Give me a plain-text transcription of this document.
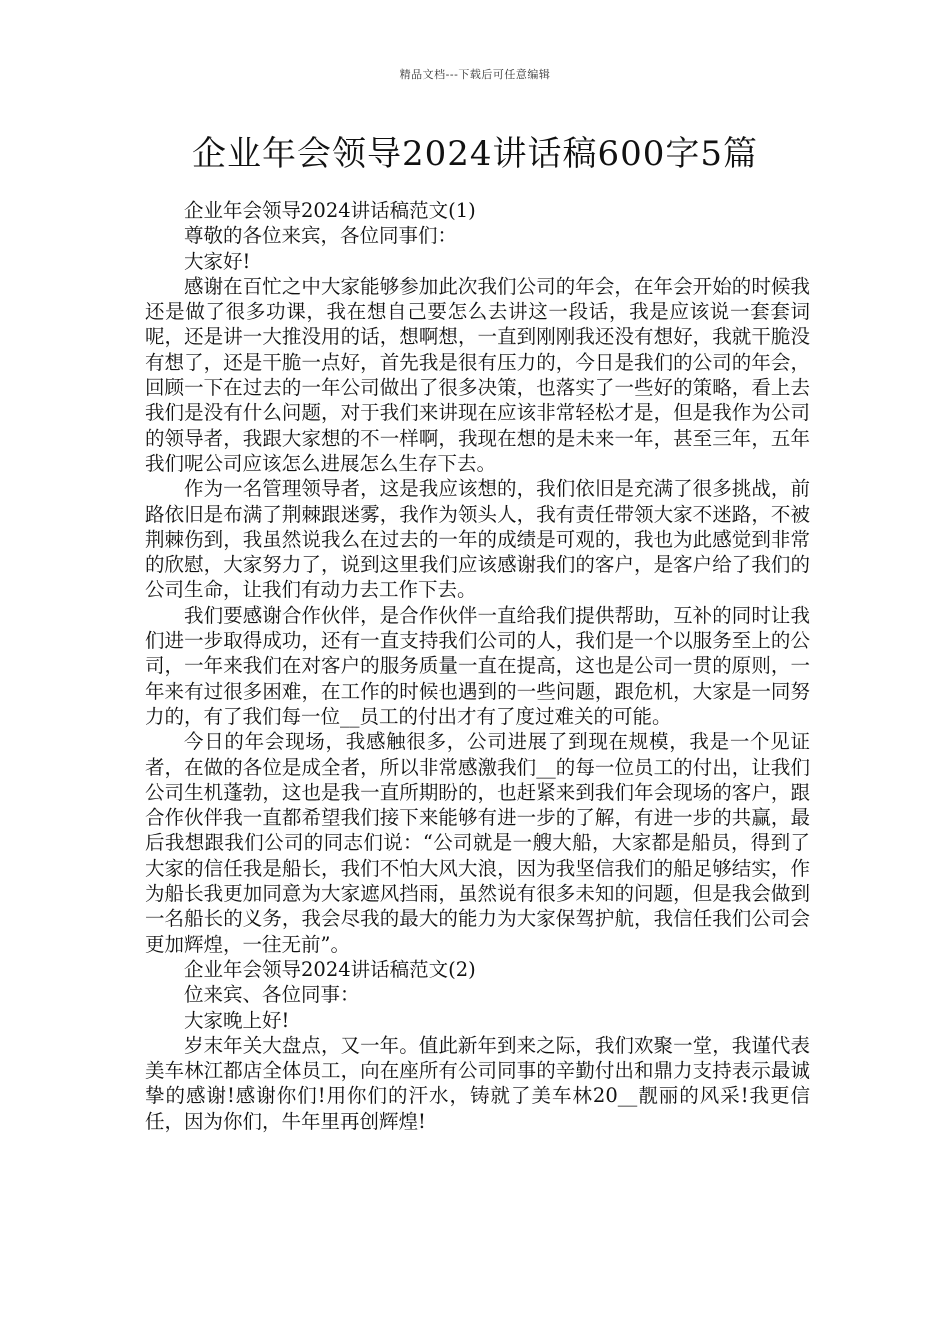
精品文档---下载后可任意编辑
企业年会领导2024讲话稿600字5篇

企业年会领导2024讲话稿范文(1)

尊敬的各位来宾，各位同事们：

大家好!

感谢在百忙之中大家能够参加此次我们公司的年会，在年会开始的时候我还是做了很多功课，我在想自己要怎么去讲这一段话，我是应该说一套套词呢，还是讲一大推没用的话，想啊想，一直到刚刚我还没有想好，我就干脆没有想了，还是干脆一点好，首先我是很有压力的，今日是我们的公司的年会，回顾一下在过去的一年公司做出了很多决策，也落实了一些好的策略，看上去我们是没有什么问题，对于我们来讲现在应该非常轻松才是，但是我作为公司的领导者，我跟大家想的不一样啊，我现在想的是未来一年，甚至三年，五年我们呢公司应该怎么进展怎么生存下去。

作为一名管理领导者，这是我应该想的，我们依旧是充满了很多挑战，前路依旧是布满了荆棘跟迷雾，我作为领头人，我有责任带领大家不迷路，不被荆棘伤到，我虽然说我么在过去的一年的成绩是可观的，我也为此感觉到非常的欣慰，大家努力了，说到这里我们应该感谢我们的客户，是客户给了我们的公司生命，让我们有动力去工作下去。

我们要感谢合作伙伴，是合作伙伴一直给我们提供帮助，互补的同时让我们进一步取得成功，还有一直支持我们公司的人，我们是一个以服务至上的公司，一年来我们在对客户的服务质量一直在提高，这也是公司一贯的原则，一年来有过很多困难，在工作的时候也遇到的一些问题，跟危机，大家是一同努力的，有了我们每一位__员工的付出才有了度过难关的可能。

今日的年会现场，我感触很多，公司进展了到现在规模，我是一个见证者，在做的各位是成全者，所以非常感激我们__的每一位员工的付出，让我们公司生机蓬勃，这也是我一直所期盼的，也赶紧来到我们年会现场的客户，跟合作伙伴我一直都希望我们接下来能够有进一步的了解，有进一步的共赢，最后我想跟我们公司的同志们说：“公司就是一艘大船，大家都是船员，得到了大家的信任我是船长，我们不怕大风大浪，因为我坚信我们的船足够结实，作为船长我更加同意为大家遮风挡雨，虽然说有很多未知的问题，但是我会做到一名船长的义务，我会尽我的最大的能力为大家保驾护航，我信任我们公司会更加辉煌，一往无前”。

企业年会领导2024讲话稿范文(2)

位来宾、各位同事：

大家晚上好!

岁末年关大盘点，又一年。值此新年到来之际，我们欢聚一堂，我谨代表美车林江都店全体员工，向在座所有公司同事的辛勤付出和鼎力支持表示最诚挚的感谢!感谢你们!用你们的汗水，铸就了美车林20__靓丽的风采!我更信任，因为你们，牛年里再创辉煌!
